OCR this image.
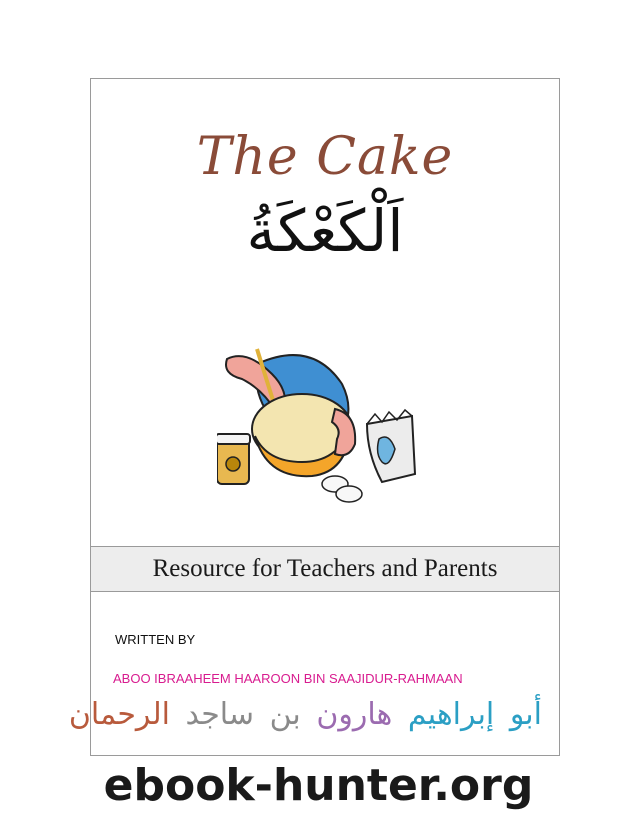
The Cake
اَلْكَعْكَةُ
Resource for Teachers and Parents
WRITTEN BY
ABOO IBRAAHEEM HAAROON BIN SAAJIDUR-RAHMAAN
أبو إبراهيم هارون بن ساجد الرحمان
ebook-hunter.org
